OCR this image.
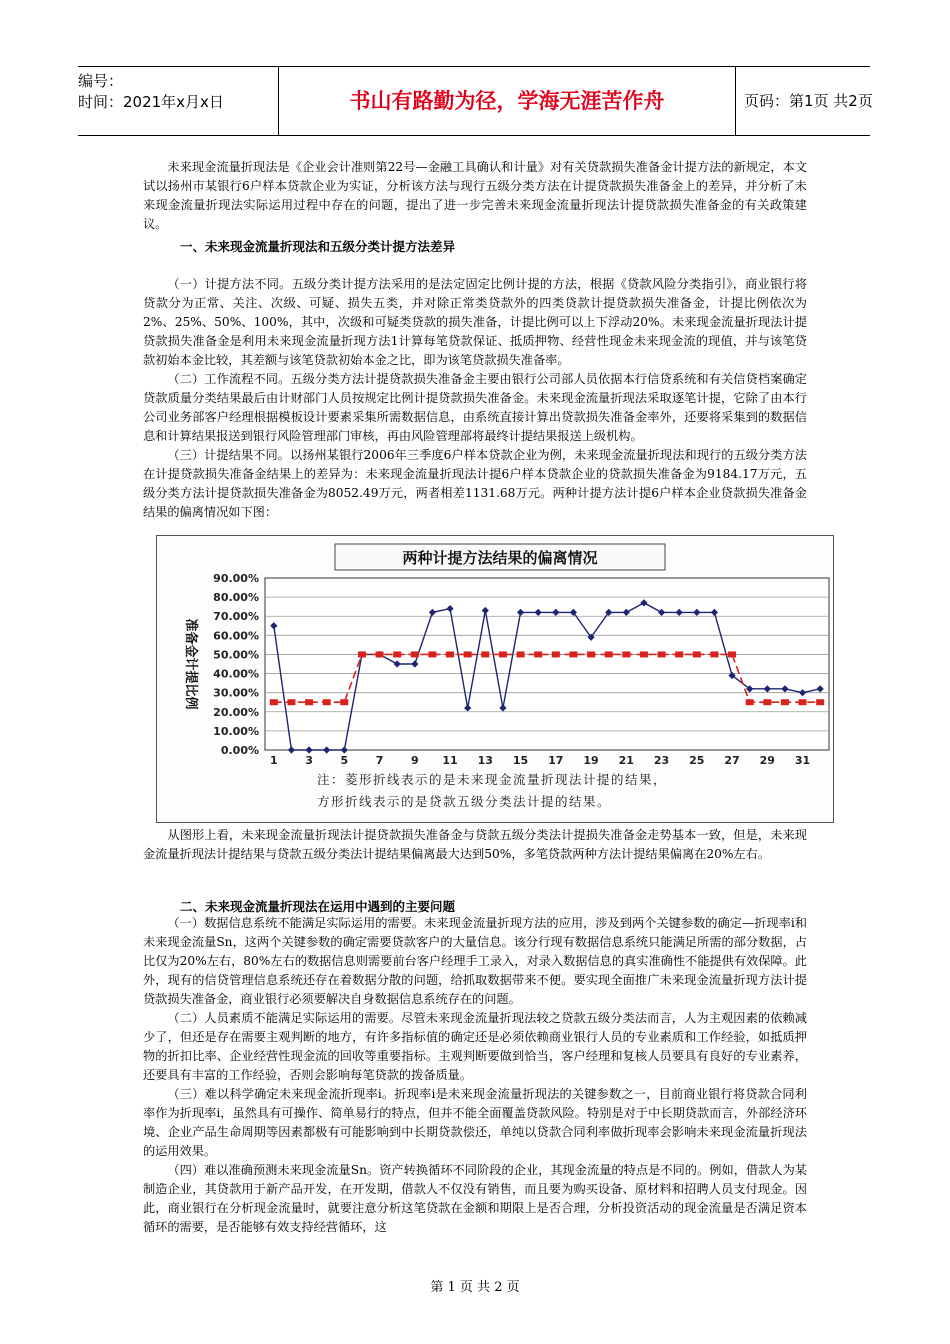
编号：
时间：2021年x月x日	书山有路勤为径，学海无涯苦作舟	页码：第1页 共2页

未来现金流量折现法是《企业会计准则第22号—金融工具确认和计量》对有关贷款损失准备金计提方法的新规定，本文试以扬州市某银行6户样本贷款企业为实证，分析该方法与现行五级分类方法在计提贷款损失准备金上的差异，并分析了未来现金流量折现法实际运用过程中存在的问题，提出了进一步完善未来现金流量折现法计提贷款损失准备金的有关政策建议。

一、未来现金流量折现法和五级分类计提方法差异

（一）计提方法不同。五级分类计提方法采用的是法定固定比例计提的方法，根据《贷款风险分类指引》，商业银行将贷款分为正常、关注、次级、可疑、损失五类，并对除正常类贷款外的四类贷款计提贷款损失准备金，计提比例依次为2%、25%、50%、100%，其中，次级和可疑类贷款的损失准备，计提比例可以上下浮动20%。未来现金流量折现法计提贷款损失准备金是利用未来现金流量折现方法1计算每笔贷款保证、抵质押物、经营性现金未来现金流的现值，并与该笔贷款初始本金比较，其差额与该笔贷款初始本金之比，即为该笔贷款损失准备率。

（二）工作流程不同。五级分类方法计提贷款损失准备金主要由银行公司部人员依据本行信贷系统和有关信贷档案确定贷款质量分类结果最后由计财部门人员按规定比例计提贷款损失准备金。未来现金流量折现法采取逐笔计提，它除了由本行公司业务部客户经理根据模板设计要素采集所需数据信息，由系统直接计算出贷款损失准备金率外，还要将采集到的数据信息和计算结果报送到银行风险管理部门审核，再由风险管理部将最终计提结果报送上级机构。

（三）计提结果不同。以扬州某银行2006年三季度6户样本贷款企业为例，未来现金流量折现法和现行的五级分类方法在计提贷款损失准备金结果上的差异为：未来现金流量折现法计提6户样本贷款企业的贷款损失准备金为9184.17万元，五级分类方法计提贷款损失准备金为8052.49万元，两者相差1131.68万元。两种计提方法计提6户样本企业贷款损失准备金结果的偏离情况如下图：

两种计提方法结果的偏离情况
90.00%
80.00%
70.00%
60.00%
50.00%
40.00%
30.00%
20.00%
10.00%
0.00%
准备金计提比例
1	3	5	7	9 11 13 15 17 19 21 23 25 27 29 31
注：菱形折线表示的是未来现金流量折现法计提的结果，
方形折线表示的是贷款五级分类法计提的结果。

从图形上看，未来现金流量折现法计提贷款损失准备金与贷款五级分类法计提损失准备金走势基本一致，但是，未来现金流量折现法计提结果与贷款五级分类法计提结果偏离最大达到50%，多笔贷款两种方法计提结果偏离在20%左右。

二、未来现金流量折现法在运用中遇到的主要问题

（一）数据信息系统不能满足实际运用的需要。未来现金流量折现方法的应用，涉及到两个关键参数的确定—折现率i和未来现金流量Sn，这两个关键参数的确定需要贷款客户的大量信息。该分行现有数据信息系统只能满足所需的部分数据，占比仅为20%左右，80%左右的数据信息则需要前台客户经理手工录入，对录入数据信息的真实准确性不能提供有效保障。此外，现有的信贷管理信息系统还存在着数据分散的问题，给抓取数据带来不便。要实现全面推广未来现金流量折现方法计提贷款损失准备金，商业银行必须要解决自身数据信息系统存在的问题。

（二）人员素质不能满足实际运用的需要。尽管未来现金流量折现法较之贷款五级分类法而言，人为主观因素的依赖减少了，但还是存在需要主观判断的地方，有许多指标值的确定还是必须依赖商业银行人员的专业素质和工作经验，如抵质押物的折扣比率、企业经营性现金流的回收等重要指标。主观判断要做到恰当，客户经理和复核人员要具有良好的专业素养，还要具有丰富的工作经验，否则会影响每笔贷款的拨备质量。

（三）难以科学确定未来现金流折现率i。折现率i是未来现金流量折现法的关键参数之一，目前商业银行将贷款合同利率作为折现率i，虽然具有可操作、简单易行的特点，但并不能全面覆盖贷款风险。特别是对于中长期贷款而言，外部经济环境、企业产品生命周期等因素都极有可能影响到中长期贷款偿还，单纯以贷款合同利率做折现率会影响未来现金流量折现法的运用效果。

（四）难以准确预测未来现金流量Sn。资产转换循环不同阶段的企业，其现金流量的特点是不同的。例如，借款人为某制造企业，其贷款用于新产品开发，在开发期，借款人不仅没有销售，而且要为购买设备、原材料和招聘人员支付现金。因此，商业银行在分析现金流量时，就要注意分析这笔贷款在金额和期限上是否合理，分析投资活动的现金流量是否满足资本循环的需要，是否能够有效支持经营循环，这

第 1 页 共 2 页
